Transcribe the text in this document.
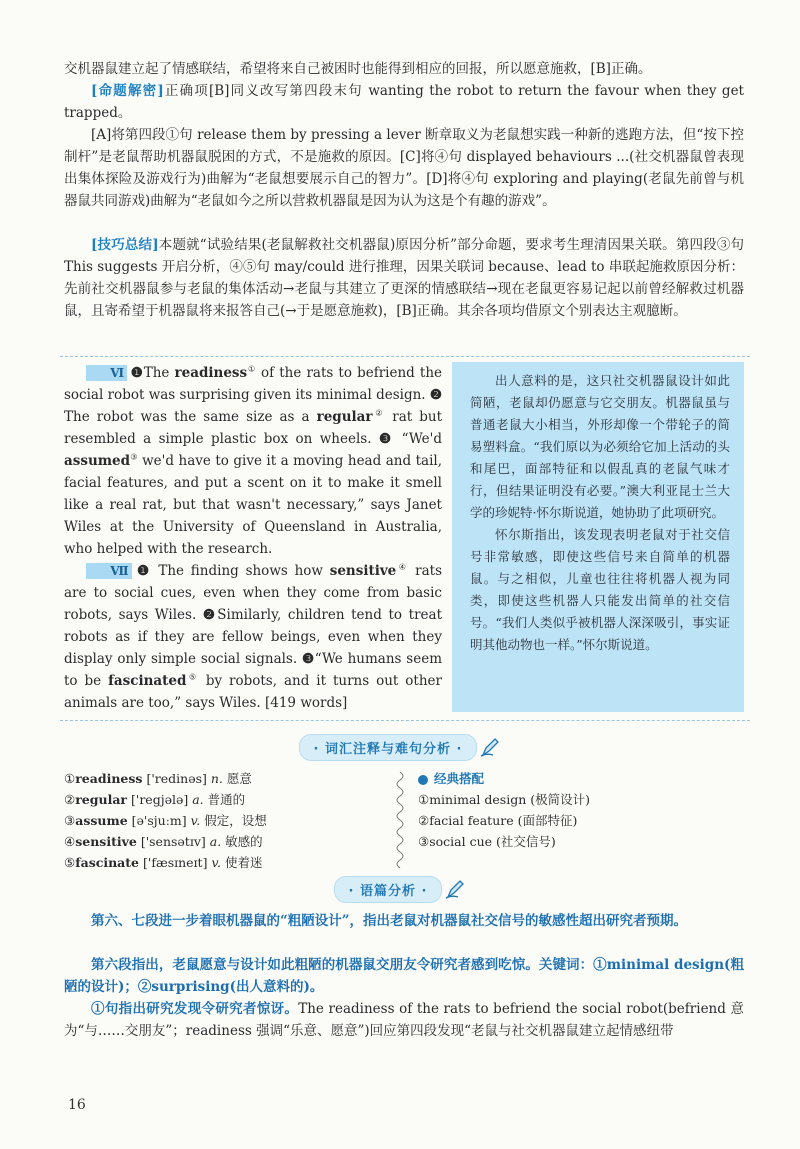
交机器鼠建立起了情感联结，希望将来自己被困时也能得到相应的回报，所以愿意施救，[B]正确。
[命题解密]正确项[B]同义改写第四段末句 wanting the robot to return the favour when they get trapped。
[A]将第四段①句 release them by pressing a lever 断章取义为老鼠想实践一种新的逃跑方法，但“按下控制杆”是老鼠帮助机器鼠脱困的方式，不是施救的原因。[C]将④句 displayed behaviours ...(社交机器鼠曾表现出集体探险及游戏行为)曲解为“老鼠想要展示自己的智力”。[D]将④句 exploring and playing(老鼠先前曾与机器鼠共同游戏)曲解为“老鼠如今之所以营救机器鼠是因为认为这是个有趣的游戏”。
[技巧总结]本题就“试验结果(老鼠解救社交机器鼠)原因分析”部分命题，要求考生理清因果关联。第四段③句 This suggests 开启分析，④⑤句 may/could 进行推理，因果关联词 because、lead to 串联起施救原因分析：先前社交机器鼠参与老鼠的集体活动→老鼠与其建立了更深的情感联结→现在老鼠更容易记起以前曾经解救过机器鼠，且寄希望于机器鼠将来报答自己(→于是愿意施救)，[B]正确。其余各项均借原文个别表达主观臆断。
Ⅵ ❶The readiness① of the rats to befriend the social robot was surprising given its minimal design. ❷ The robot was the same size as a regular② rat but resembled a simple plastic box on wheels. ❸ “We'd assumed③ we'd have to give it a moving head and tail, facial features, and put a scent on it to make it smell like a real rat, but that wasn't necessary,” says Janet Wiles at the University of Queensland in Australia, who helped with the research.
Ⅶ ❶ The finding shows how sensitive④ rats are to social cues, even when they come from basic robots, says Wiles. ❷Similarly, children tend to treat robots as if they are fellow beings, even when they display only simple social signals. ❸“We humans seem to be fascinated⑤ by robots, and it turns out other animals are too,” says Wiles. [419 words]

出人意料的是，这只社交机器鼠设计如此简陋，老鼠却仍愿意与它交朋友。机器鼠虽与普通老鼠大小相当，外形却像一个带轮子的简易塑料盒。“我们原以为必须给它加上活动的头和尾巴，面部特征和以假乱真的老鼠气味才行，但结果证明没有必要。”澳大利亚昆士兰大学的珍妮特·怀尔斯说道，她协助了此项研究。

怀尔斯指出，该发现表明老鼠对于社交信号非常敏感，即使这些信号来自简单的机器鼠。与之相似，儿童也往往将机器人视为同类，即使这些机器人只能发出简单的社交信号。“我们人类似乎被机器人深深吸引，事实证明其他动物也一样。”怀尔斯说道。

· 词汇注释与难句分析 ·
①readiness ['redinəs] n. 愿意
②regular ['regjələ] a. 普通的
③assume [ə'sjuːm] v. 假定，设想
④sensitive ['sensətɪv] a. 敏感的
⑤fascinate ['fæsɪneɪt] v. 使着迷
经典搭配
①minimal design (极简设计)
②facial feature (面部特征)
③social cue (社交信号)
· 语篇分析 ·
第六、七段进一步着眼机器鼠的“粗陋设计”，指出老鼠对机器鼠社交信号的敏感性超出研究者预期。
第六段指出，老鼠愿意与设计如此粗陋的机器鼠交朋友令研究者感到吃惊。关键词：①minimal design(粗陋的设计)；②surprising(出人意料的)。
①句指出研究发现令研究者惊讶。The readiness of the rats to befriend the social robot(befriend 意为“与……交朋友”；readiness 强调“乐意、愿意”)回应第四段发现“老鼠与社交机器鼠建立起情感纽带
16
